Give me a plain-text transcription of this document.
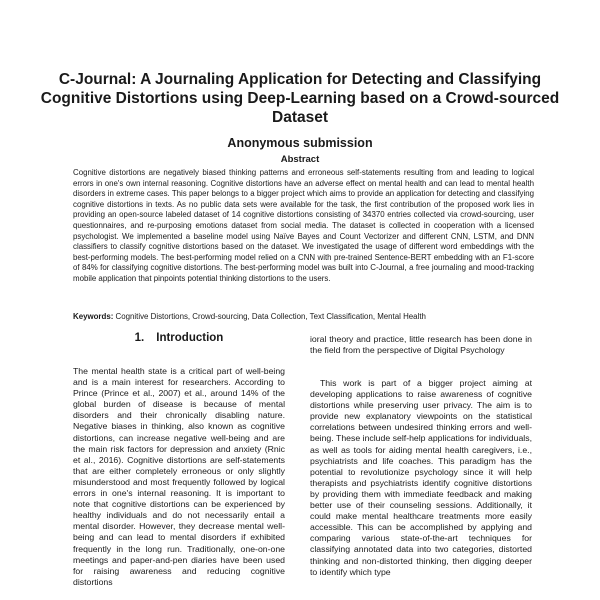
C-Journal: A Journaling Application for Detecting and Classifying Cognitive Distortions using Deep-Learning based on a Crowd-sourced Dataset
Anonymous submission
Abstract

Cognitive distortions are negatively biased thinking patterns and erroneous self-statements resulting from and leading to logical errors in one's own internal reasoning. Cognitive distortions have an adverse effect on mental health and can lead to mental health disorders in extreme cases. This paper belongs to a bigger project which aims to provide an application for detecting and classifying cognitive distortions in texts. As no public data sets were available for the task, the first contribution of the proposed work lies in providing an open-source labeled dataset of 14 cognitive distortions consisting of 34370 entries collected via crowd-sourcing, user questionnaires, and re-purposing emotions dataset from social media. The dataset is collected in cooperation with a licensed psychologist. We implemented a baseline model using Naïve Bayes and Count Vectorizer and different CNN, LSTM, and DNN classifiers to classify cognitive distortions based on the dataset. We investigated the usage of different word embeddings with the best-performing models. The best-performing model relied on a CNN with pre-trained Sentence-BERT embedding with an F1-score of 84% for classifying cognitive distortions. The best-performing model was built into C-Journal, a free journaling and mood-tracking mobile application that pinpoints potential thinking distortions to the users.

Keywords: Cognitive Distortions, Crowd-sourcing, Data Collection, Text Classification, Mental Health

1. Introduction

The mental health state is a critical part of well-being and is a main interest for researchers. According to Prince (Prince et al., 2007) et al., around 14% of the global burden of disease is because of mental disorders and their chronically disabling nature. Negative biases in thinking, also known as cognitive distortions, can increase negative well-being and are the main risk factors for depression and anxiety (Rnic et al., 2016). Cognitive distortions are self-statements that are either completely erroneous or only slightly misunderstood and most frequently followed by logical errors in one's internal reasoning. It is important to note that cognitive distortions can be experienced by healthy individuals and do not necessarily entail a mental disorder. However, they decrease mental well-being and can lead to mental disorders if exhibited frequently in the long run. Traditionally, one-on-one meetings and paper-and-pen diaries have been used for raising awareness and reducing cognitive distortions

ioral theory and practice, little research has been done in the field from the perspective of Digital Psychology

This work is part of a bigger project aiming at developing applications to raise awareness of cognitive distortions while preserving user privacy. The aim is to provide new explanatory viewpoints on the statistical correlations between undesired thinking errors and well-being. These include self-help applications for individuals, as well as tools for aiding mental health caregivers, i.e., psychiatrists and life coaches. This paradigm has the potential to revolutionize psychology since it will help therapists and psychiatrists identify cognitive distortions by providing them with immediate feedback and making better use of their counseling sessions. Additionally, it could make mental healthcare treatments more easily accessible. This can be accomplished by applying and comparing various state-of-the-art techniques for classifying annotated data into two categories, distorted thinking and non-distorted thinking, then digging deeper to identify which type
